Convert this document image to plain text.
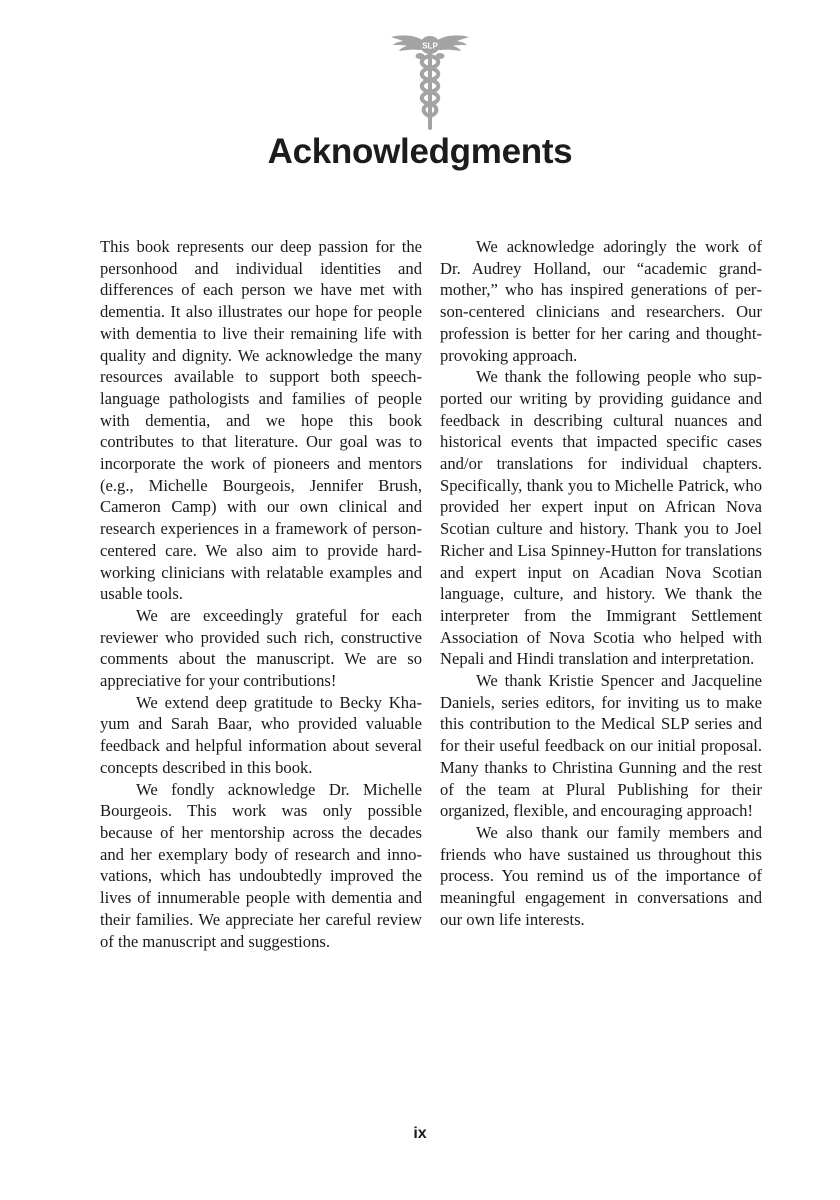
SLP
Acknowledgments

This book represents our deep passion for the personhood and individual identities and differences of each person we have met with dementia. It also illustrates our hope for people with dementia to live their remaining life with quality and dignity. We acknowledge the many resources available to support both speech-language pathologists and families of people with dementia, and we hope this book contributes to that literature. Our goal was to incorporate the work of pioneers and mentors (e.g., Michelle Bourgeois, Jennifer Brush, Cameron Camp) with our own clinical and research experiences in a framework of person-centered care. We also aim to provide hard-working clinicians with relatable examples and usable tools.

We are exceedingly grateful for each reviewer who provided such rich, constructive comments about the manuscript. We are so appreciative for your contributions!

We extend deep gratitude to Becky Khayum and Sarah Baar, who provided valuable feedback and helpful information about several concepts described in this book.

We fondly acknowledge Dr. Michelle Bourgeois. This work was only possible because of her mentorship across the decades and her exemplary body of research and innovations, which has undoubtedly improved the lives of innumerable people with dementia and their families. We appreciate her careful review of the manuscript and suggestions.

We acknowledge adoringly the work of Dr. Audrey Holland, our “academic grandmother,” who has inspired generations of person-centered clinicians and researchers. Our profession is better for her caring and thought-provoking approach.

We thank the following people who supported our writing by providing guidance and feedback in describing cultural nuances and historical events that impacted specific cases and/or translations for individual chapters. Specifically, thank you to Michelle Patrick, who provided her expert input on African Nova Scotian culture and history. Thank you to Joel Richer and Lisa Spinney-Hutton for translations and expert input on Acadian Nova Scotian language, culture, and history. We thank the interpreter from the Immigrant Settlement Association of Nova Scotia who helped with Nepali and Hindi translation and interpretation.

We thank Kristie Spencer and Jacqueline Daniels, series editors, for inviting us to make this contribution to the Medical SLP series and for their useful feedback on our initial proposal. Many thanks to Christina Gunning and the rest of the team at Plural Publishing for their organized, flexible, and encouraging approach!

We also thank our family members and friends who have sustained us throughout this process. You remind us of the importance of meaningful engagement in conversations and our own life interests.

ix
